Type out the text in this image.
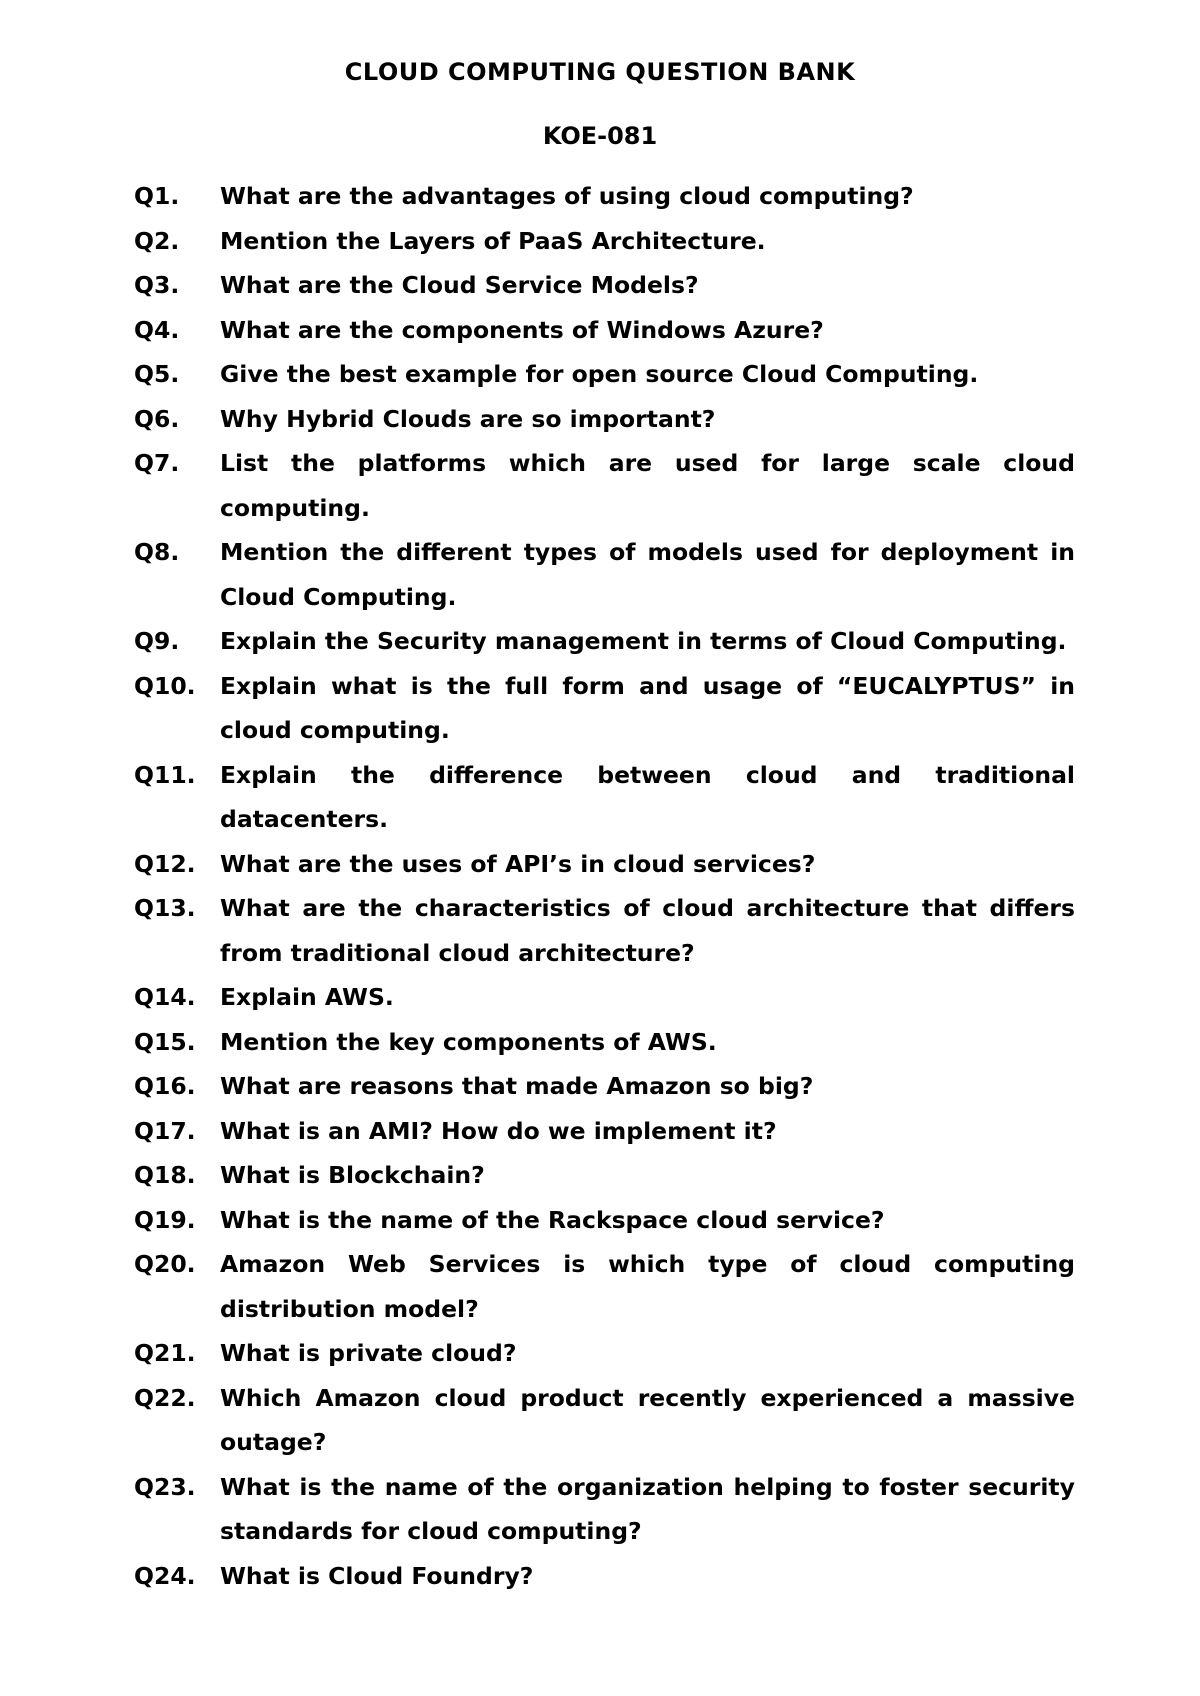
CLOUD COMPUTING QUESTION BANK
KOE-081
Q1.	What are the advantages of using cloud computing?
Q2.	Mention the Layers of PaaS Architecture.
Q3.	What are the Cloud Service Models?
Q4.	What are the components of Windows Azure?
Q5.	Give the best example for open source Cloud Computing.
Q6.	Why Hybrid Clouds are so important?
Q7.	List the platforms which are used for large scale cloud computing.
Q8.	Mention the different types of models used for deployment in Cloud Computing.
Q9.	Explain the Security management in terms of Cloud Computing.
Q10.	Explain what is the full form and usage of “EUCALYPTUS” in cloud computing.
Q11.	Explain the difference between cloud and traditional datacenters.
Q12.	What are the uses of API’s in cloud services?
Q13.	What are the characteristics of cloud architecture that differs from traditional cloud architecture?
Q14.	Explain AWS.
Q15.	Mention the key components of AWS.
Q16.	What are reasons that made Amazon so big?
Q17.	What is an AMI? How do we implement it?
Q18.	What is Blockchain?
Q19.	What is the name of the Rackspace cloud service?
Q20.	Amazon Web Services is which type of cloud computing distribution model?
Q21.	What is private cloud?
Q22.	Which Amazon cloud product recently experienced a massive outage?
Q23.	What is the name of the organization helping to foster security standards for cloud computing?
Q24.	What is Cloud Foundry?
